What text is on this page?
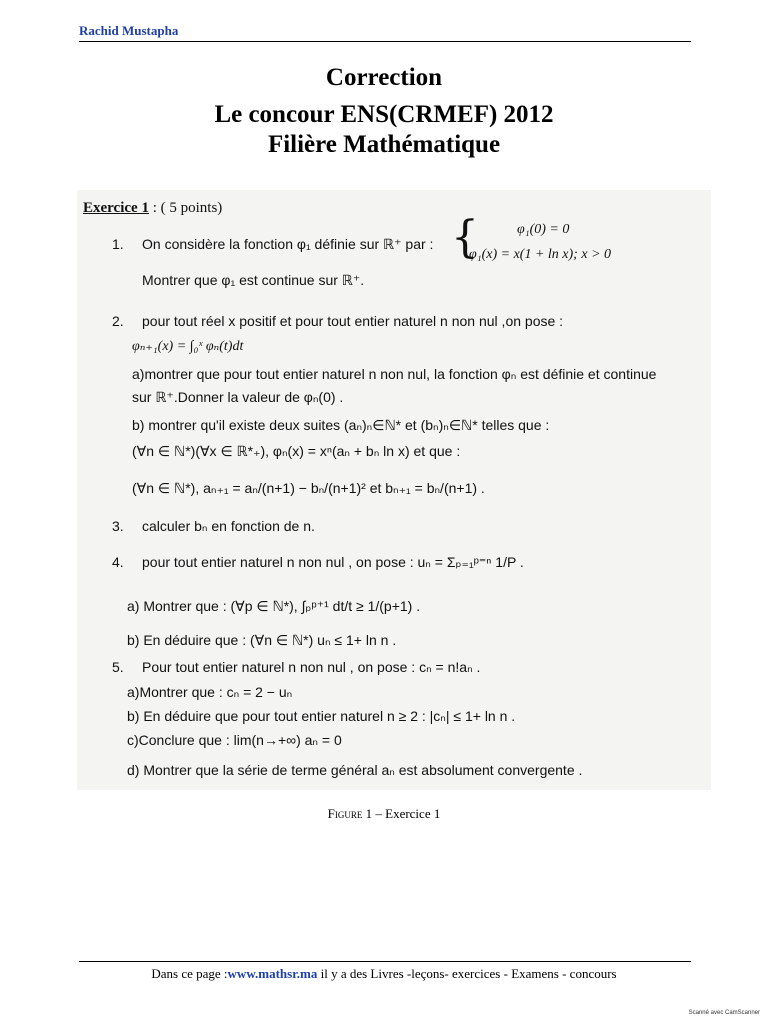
Rachid Mustapha
Correction
Le concour ENS(CRMEF) 2012
Filière Mathématique
Exercice 1 : ( 5 points)
1. On considère la fonction φ₁ définie sur ℝ⁺ par : {	φ₁(0) = 0
φ₁(x) = x(1 + ln x); x > 0
Montrer que φ₁ est continue sur ℝ⁺.
2. pour tout réel x positif et pour tout entier naturel n non nul ,on pose :
φₙ₊₁(x) = ∫₀ˣ φₙ(t)dt
a)montrer que pour tout entier naturel n non nul, la fonction φₙ est définie et continue
sur ℝ⁺.Donner la valeur de φₙ(0) .
b) montrer qu'il existe deux suites (aₙ)ₙ∈ℕ* et (bₙ)ₙ∈ℕ* telles que :
(∀n ∈ ℕ*)(∀x ∈ ℝ*₊), φₙ(x) = xⁿ(aₙ + bₙ ln x) et que :
(∀n ∈ ℕ*), aₙ₊₁ = aₙ/(n+1) − bₙ/(n+1)² et bₙ₊₁ = bₙ/(n+1) .
3. calculer bₙ en fonction de n.
4. pour tout entier naturel n non nul , on pose : uₙ = Σₚ₌₁ᵖ⁼ⁿ 1/P .
a) Montrer que : (∀p ∈ ℕ*), ∫ₚᵖ⁺¹ dt/t ≥ 1/(p+1) .
b) En déduire que : (∀n ∈ ℕ*) uₙ ≤ 1+ ln n .
5. Pour tout entier naturel n non nul , on pose : cₙ = n!aₙ .
a)Montrer que : cₙ = 2 − uₙ
b) En déduire que pour tout entier naturel n ≥ 2 : |cₙ| ≤ 1+ ln n .
c)Conclure que : lim(n→+∞) aₙ = 0
d) Montrer que la série de terme général aₙ est absolument convergente .
Figure 1 – Exercice 1
Dans ce page :www.mathsr.ma il y a des Livres -leçons- exercices - Examens - concours
Scanné avec CamScanner
